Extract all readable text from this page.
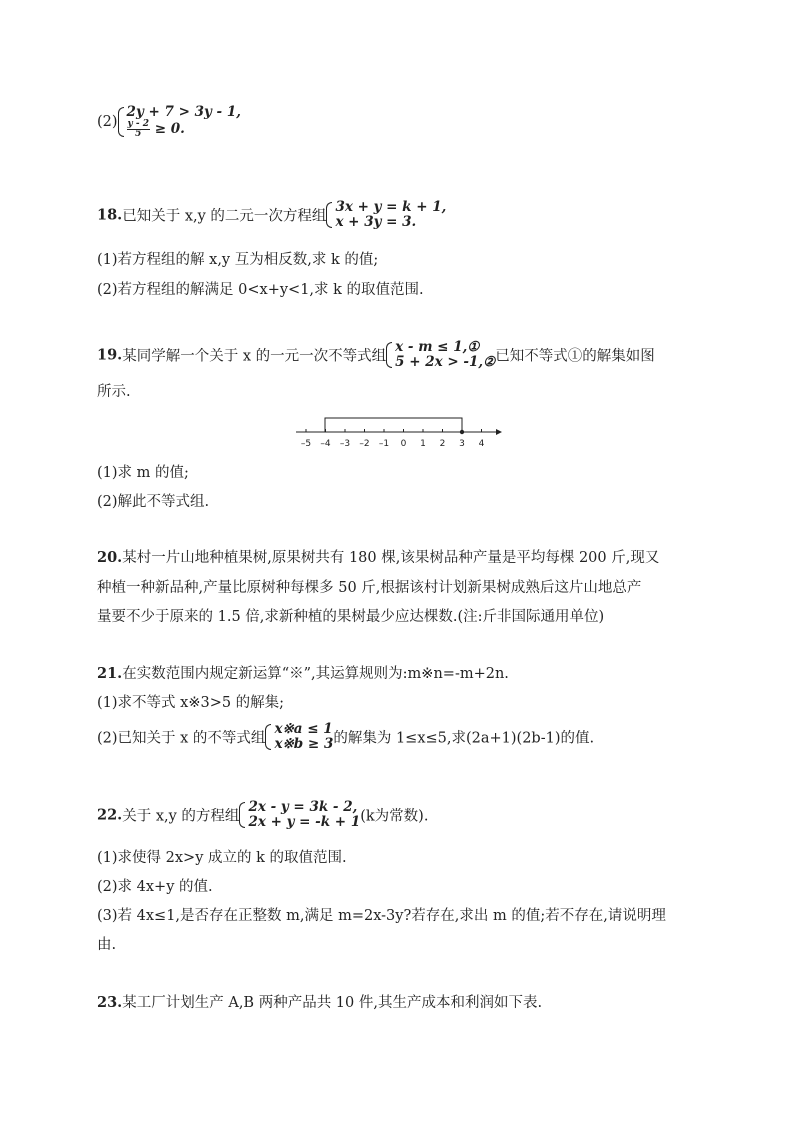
(2)
2y + 7 > 3y - 1,
$\frac{y - 2}{5} \ge 0$.
18.已知关于 x,y 的二元一次方程组
3x + y = k + 1,
x + 3y = 3.
(1)若方程组的解 x,y 互为相反数,求 k 的值;
(2)若方程组的解满足 0<x+y<1,求 k 的取值范围.
19.某同学解一个关于 x 的一元一次不等式组
x - m ≤ 1,①
5 + 2x > -1,② 已知不等式①的解集如图
所示.
–5 –4 –3 –2 –1 0 1 2 3 4
(1)求 m 的值;
(2)解此不等式组.
20.某村一片山地种植果树,原果树共有 180 棵,该果树品种产量是平均每棵 200 斤,现又
种植一种新品种,产量比原树种每棵多 50 斤,根据该村计划新果树成熟后这片山地总产
量要不少于原来的 1.5 倍,求新种植的果树最少应达棵数.(注:斤非国际通用单位)
21.在实数范围内规定新运算“※”,其运算规则为:m※n=-m+2n.
(1)求不等式 x※3>5 的解集;
(2)已知关于 x 的不等式组
x※a ≤ 1
x※b ≥ 3 的解集为 1≤x≤5,求(2a+1)(2b-1)的值.
22.关于 x,y 的方程组
2x - y = 3k - 2,
2x + y = -k + 1 (k为常数).
(1)求使得 2x>y 成立的 k 的取值范围.
(2)求 4x+y 的值.
(3)若 4x≤1,是否存在正整数 m,满足 m=2x-3y?若存在,求出 m 的值;若不存在,请说明理
由.
23.某工厂计划生产 A,B 两种产品共 10 件,其生产成本和利润如下表.
